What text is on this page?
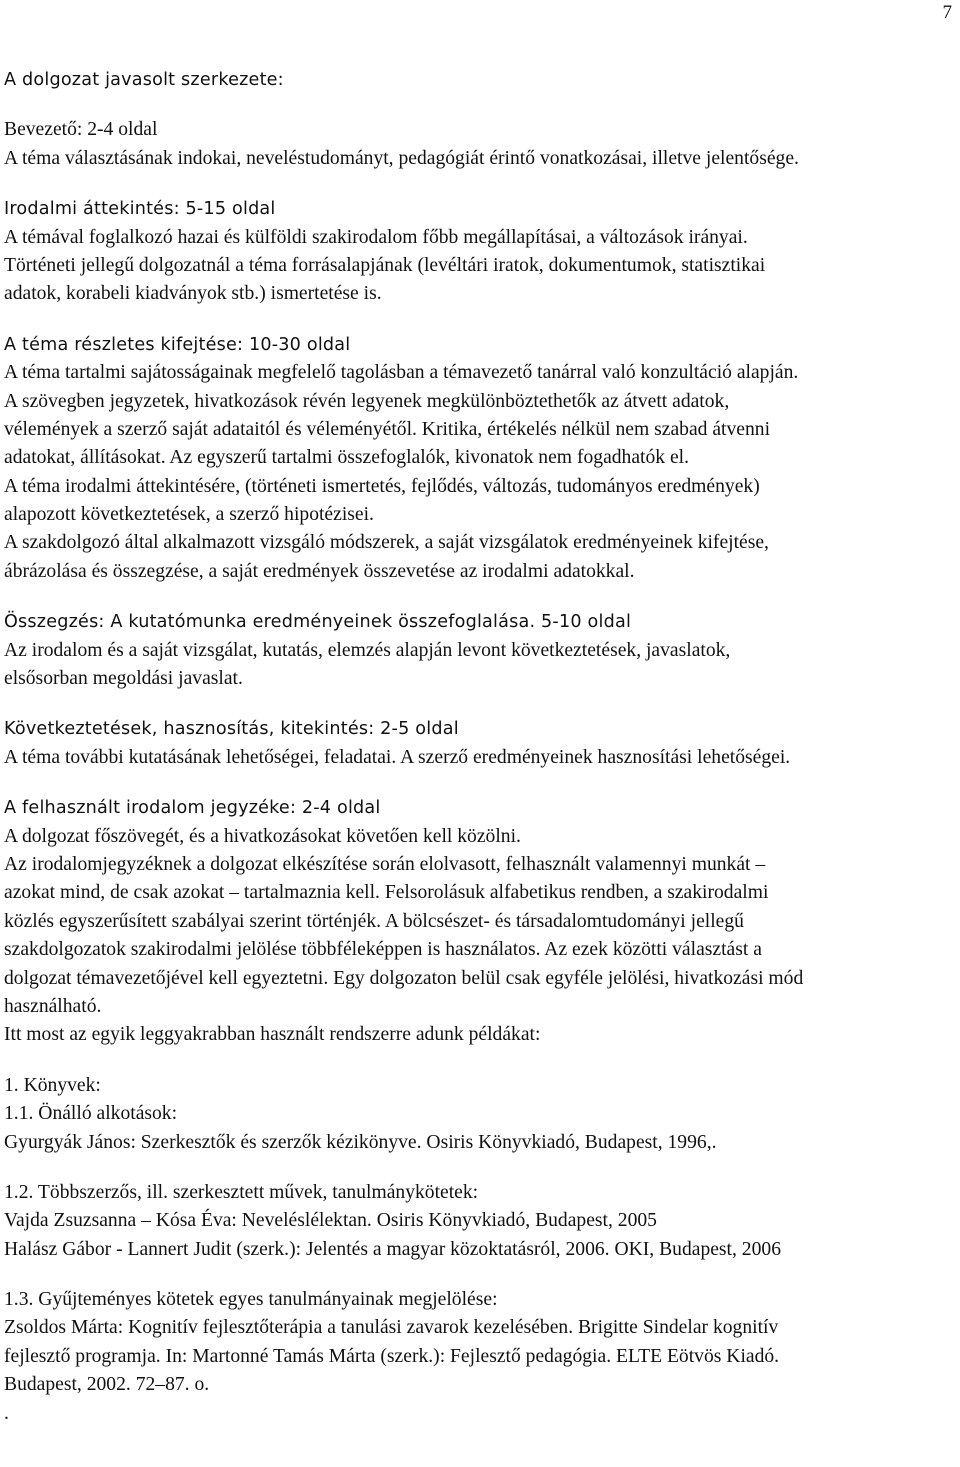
7
A dolgozat javasolt szerkezete:
Bevezető: 2-4 oldal
A téma választásának indokai, neveléstudományt, pedagógiát érintő vonatkozásai, illetve jelentősége.
Irodalmi áttekintés: 5-15 oldal
A témával foglalkozó hazai és külföldi szakirodalom főbb megállapításai, a változások irányai.
Történeti jellegű dolgozatnál a téma forrásalapjának (levéltári iratok, dokumentumok, statisztikai
adatok, korabeli kiadványok stb.) ismertetése is.
A téma részletes kifejtése: 10-30 oldal
A téma tartalmi sajátosságainak megfelelő tagolásban a témavezető tanárral való konzultáció alapján.
A szövegben jegyzetek, hivatkozások révén legyenek megkülönböztethetők az átvett adatok,
vélemények a szerző saját adataitól és véleményétől. Kritika, értékelés nélkül nem szabad átvenni
adatokat, állításokat. Az egyszerű tartalmi összefoglalók, kivonatok nem fogadhatók el.
A téma irodalmi áttekintésére, (történeti ismertetés, fejlődés, változás, tudományos eredmények)
alapozott következtetések, a szerző hipotézisei.
A szakdolgozó által alkalmazott vizsgáló módszerek, a saját vizsgálatok eredményeinek kifejtése,
ábrázolása és összegzése, a saját eredmények összevetése az irodalmi adatokkal.
Összegzés: A kutatómunka eredményeinek összefoglalása. 5-10 oldal
Az irodalom és a saját vizsgálat, kutatás, elemzés alapján levont következtetések, javaslatok,
elsősorban megoldási javaslat.
Következtetések, hasznosítás, kitekintés: 2-5 oldal
A téma további kutatásának lehetőségei, feladatai. A szerző eredményeinek hasznosítási lehetőségei.
A felhasznált irodalom jegyzéke: 2-4 oldal
A dolgozat főszövegét, és a hivatkozásokat követően kell közölni.
Az irodalomjegyzéknek a dolgozat elkészítése során elolvasott, felhasznált valamennyi munkát –
azokat mind, de csak azokat – tartalmaznia kell. Felsorolásuk alfabetikus rendben, a szakirodalmi
közlés egyszerűsített szabályai szerint történjék. A bölcsészet- és társadalomtudományi jellegű
szakdolgozatok szakirodalmi jelölése többféleképpen is használatos. Az ezek közötti választást a
dolgozat témavezetőjével kell egyeztetni. Egy dolgozaton belül csak egyféle jelölési, hivatkozási mód
használható.
Itt most az egyik leggyakrabban használt rendszerre adunk példákat:
1. Könyvek:
1.1. Önálló alkotások:
Gyurgyák János: Szerkesztők és szerzők kézikönyve. Osiris Könyvkiadó, Budapest, 1996,.
1.2. Többszerzős, ill. szerkesztett művek, tanulmánykötetek:
Vajda Zsuzsanna – Kósa Éva: Neveléslélektan. Osiris Könyvkiadó, Budapest, 2005
Halász Gábor - Lannert Judit (szerk.): Jelentés a magyar közoktatásról, 2006. OKI, Budapest, 2006
1.3. Gyűjteményes kötetek egyes tanulmányainak megjelölése:
Zsoldos Márta: Kognitív fejlesztőterápia a tanulási zavarok kezelésében. Brigitte Sindelar kognitív
fejlesztő programja. In: Martonné Tamás Márta (szerk.): Fejlesztő pedagógia. ELTE Eötvös Kiadó.
Budapest, 2002. 72–87. o.
.
